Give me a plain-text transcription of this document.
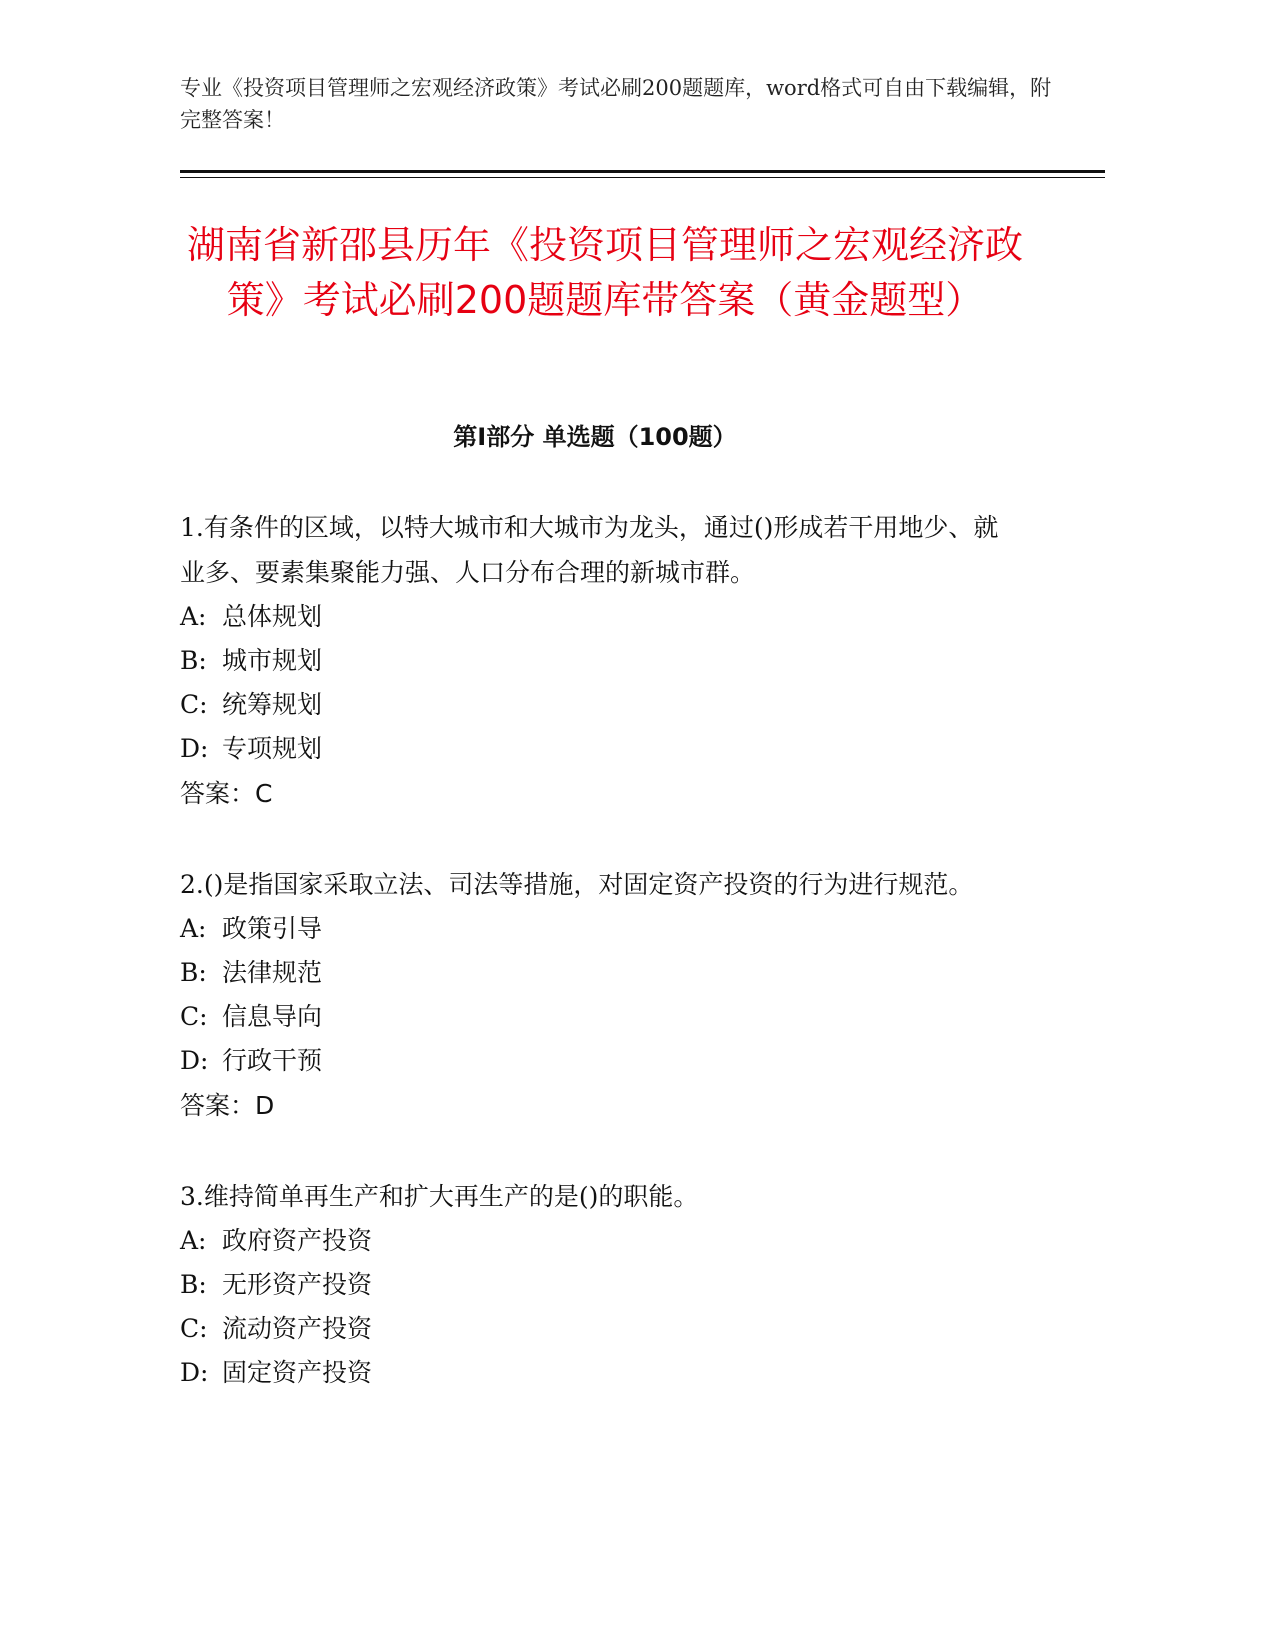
专业《投资项目管理师之宏观经济政策》考试必刷200题题库，word格式可自由下载编辑，附完整答案！
湖南省新邵县历年《投资项目管理师之宏观经济政策》考试必刷200题题库带答案（黄金题型）
第Ⅰ部分 单选题（100题）

1.有条件的区域，以特大城市和大城市为龙头，通过()形成若干用地少、就业多、要素集聚能力强、人口分布合理的新城市群。

A: 总体规划
B: 城市规划
C: 统筹规划
D: 专项规划
答案：C

2.()是指国家采取立法、司法等措施，对固定资产投资的行为进行规范。

A: 政策引导
B: 法律规范
C: 信息导向
D: 行政干预
答案：D

3.维持简单再生产和扩大再生产的是()的职能。

A: 政府资产投资
B: 无形资产投资
C: 流动资产投资
D: 固定资产投资
